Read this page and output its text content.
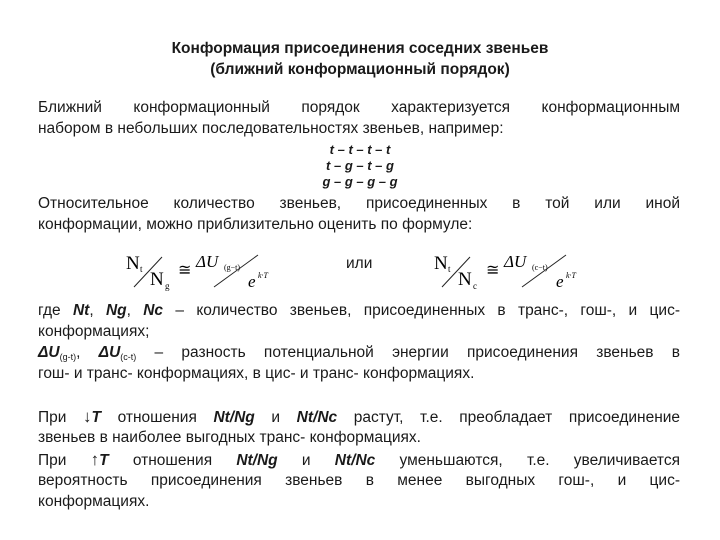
Конформация присоединения соседних звеньев
(ближний конформационный порядок)
Ближний конформационный порядок характеризуется конформационным
набором в небольших последовательностях звеньев, например:
t – t – t – t
t – g – t – g
g – g – g – g
Относительное количество звеньев, присоединенных в той или иной
конформации, можно приблизительно оценить по формуле:
N t N g
≅ ΔU (g−t)
e k·T
или	N t N c
≅ ΔU (c−t)
e k·T
где Nt, Ng, Nc – количество звеньев, присоединенных в транс-, гош-, и цис-
конформациях;
$\Delta U_{(g-t)}$, $\Delta U_{(c-t)}$ – разность потенциальной энергии присоединения звеньев в
гош- и транс- конформациях, в цис- и транс- конформациях.
При ↓T отношения Nt/Ng и Nt/Nc растут, т.е. преобладает присоединение
звеньев в наиболее выгодных транс- конформациях.
При ↑T отношения Nt/Ng и Nt/Nc уменьшаются, т.е. увеличивается
вероятность присоединения звеньев в менее выгодных гош-, и цис-
конформациях.
